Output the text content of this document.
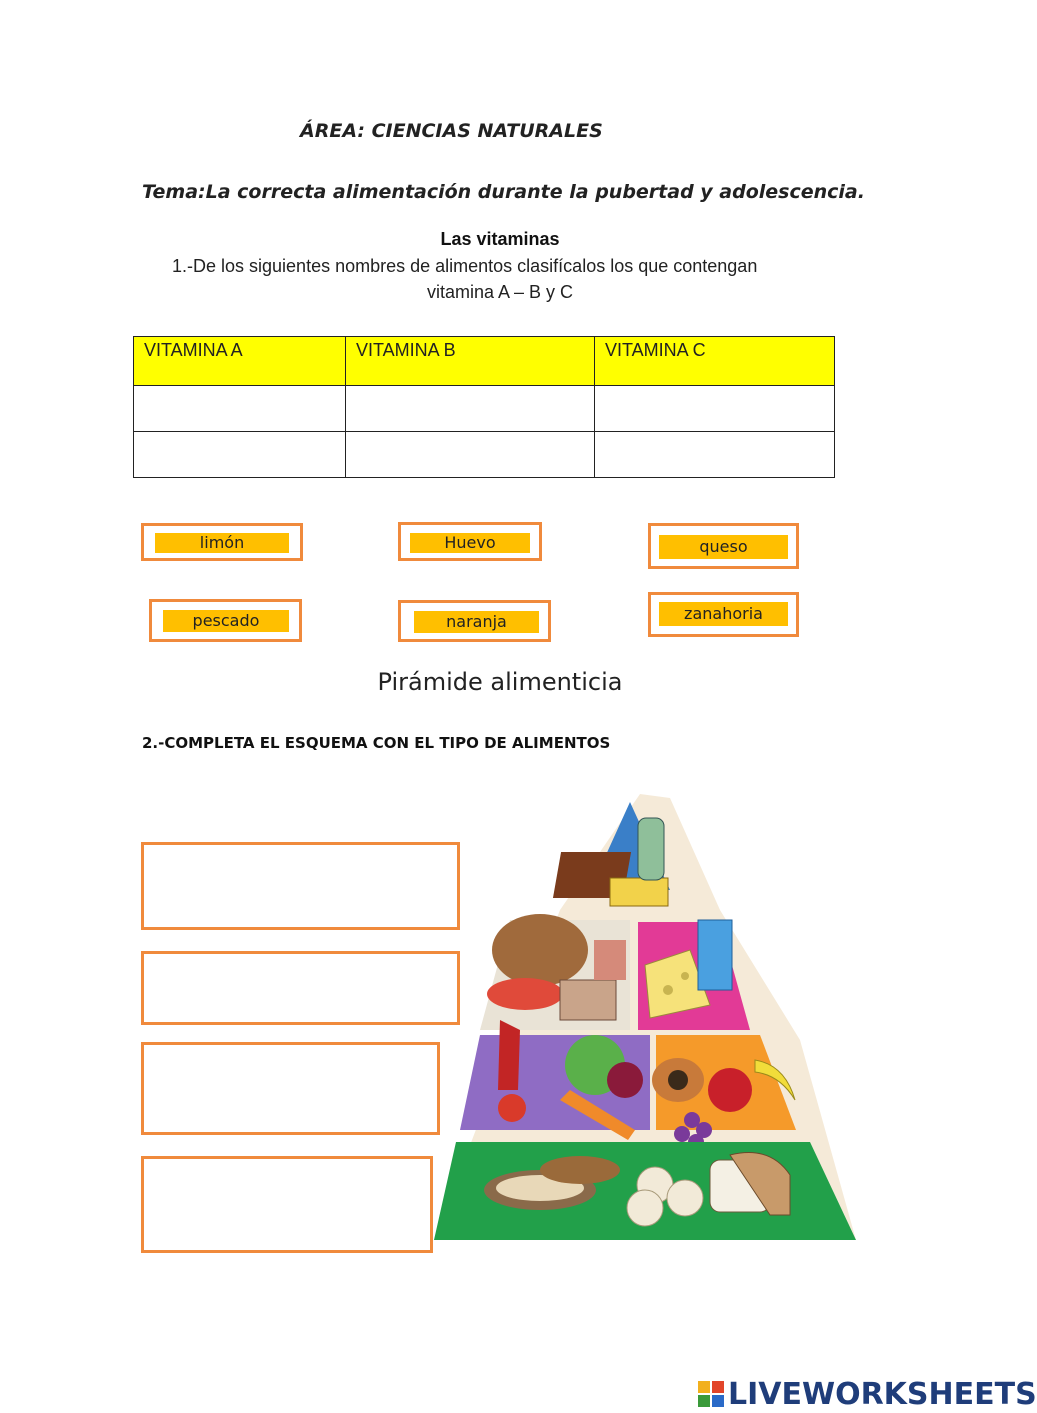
ÁREA: CIENCIAS NATURALES
Tema:La correcta alimentación durante la pubertad y adolescencia.
Las vitaminas
1.-De los siguientes nombres de alimentos clasifícalos los que contengan
vitamina A – B y C
VITAMINA A	VITAMINA B	VITAMINA C

limón	Huevo	queso
pescado	naranja	zanahoria
Pirámide alimenticia
2.-COMPLETA EL ESQUEMA CON EL TIPO DE ALIMENTOS
LIVEWORKSHEETS
